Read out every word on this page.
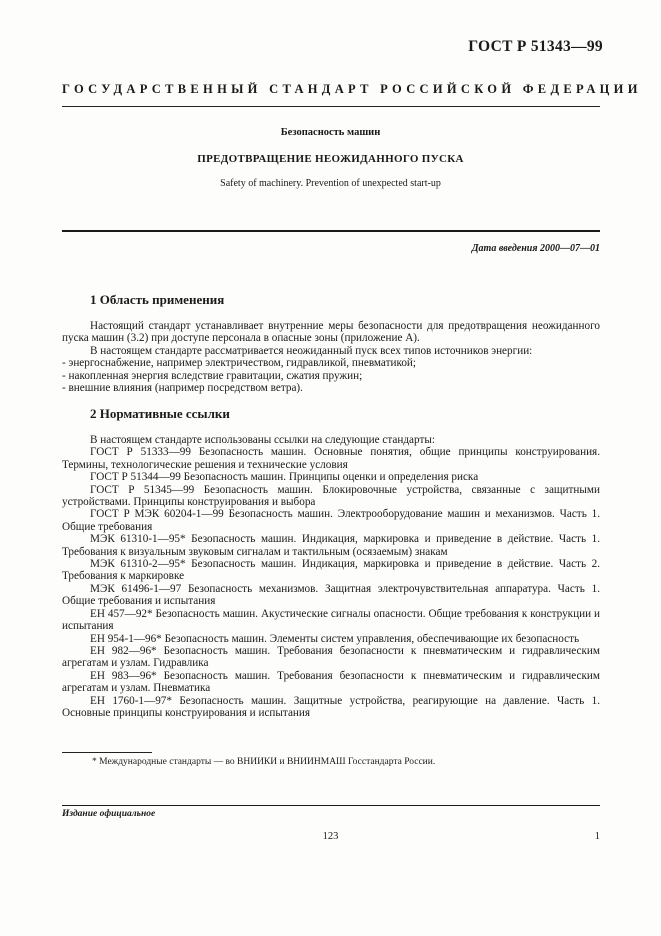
ГОСТ Р 51343—99
ГОСУДАРСТВЕННЫЙ СТАНДАРТ РОССИЙСКОЙ ФЕДЕРАЦИИ
Безопасность машин
ПРЕДОТВРАЩЕНИЕ НЕОЖИДАННОГО ПУСКА
Safety of machinery. Prevention of unexpected start-up
Дата введения 2000—07—01
1 Область применения

Настоящий стандарт устанавливает внутренние меры безопасности для предотвращения неожиданного пуска машин (3.2) при доступе персонала в опасные зоны (приложение А).

В настоящем стандарте рассматривается неожиданный пуск всех типов источников энергии:

- энергоснабжение, например электричеством, гидравликой, пневматикой;

- накопленная энергия вследствие гравитации, сжатия пружин;

- внешние влияния (например посредством ветра).

2 Нормативные ссылки

В настоящем стандарте использованы ссылки на следующие стандарты:

ГОСТ Р 51333—99 Безопасность машин. Основные понятия, общие принципы конструирования. Термины, технологические решения и технические условия

ГОСТ Р 51344—99 Безопасность машин. Принципы оценки и определения риска

ГОСТ Р 51345—99 Безопасность машин. Блокировочные устройства, связанные с защитными устройствами. Принципы конструирования и выбора

ГОСТ Р МЭК 60204-1—99 Безопасность машин. Электрооборудование машин и механизмов. Часть 1. Общие требования

МЭК 61310-1—95* Безопасность машин. Индикация, маркировка и приведение в действие. Часть 1. Требования к визуальным звуковым сигналам и тактильным (осязаемым) знакам

МЭК 61310-2—95* Безопасность машин. Индикация, маркировка и приведение в действие. Часть 2. Требования к маркировке

МЭК 61496-1—97 Безопасность механизмов. Защитная электрочувствительная аппаратура. Часть 1. Общие требования и испытания

ЕН 457—92* Безопасность машин. Акустические сигналы опасности. Общие требования к конструкции и испытания

ЕН 954-1—96* Безопасность машин. Элементы систем управления, обеспечивающие их безопасность

ЕН 982—96* Безопасность машин. Требования безопасности к пневматическим и гидравлическим агрегатам и узлам. Гидравлика

ЕН 983—96* Безопасность машин. Требования безопасности к пневматическим и гидравлическим агрегатам и узлам. Пневматика

ЕН 1760-1—97* Безопасность машин. Защитные устройства, реагирующие на давление. Часть 1. Основные принципы конструирования и испытания

* Международные стандарты — во ВНИИКИ и ВНИИНМАШ Госстандарта России.
Издание официальное
123	1
